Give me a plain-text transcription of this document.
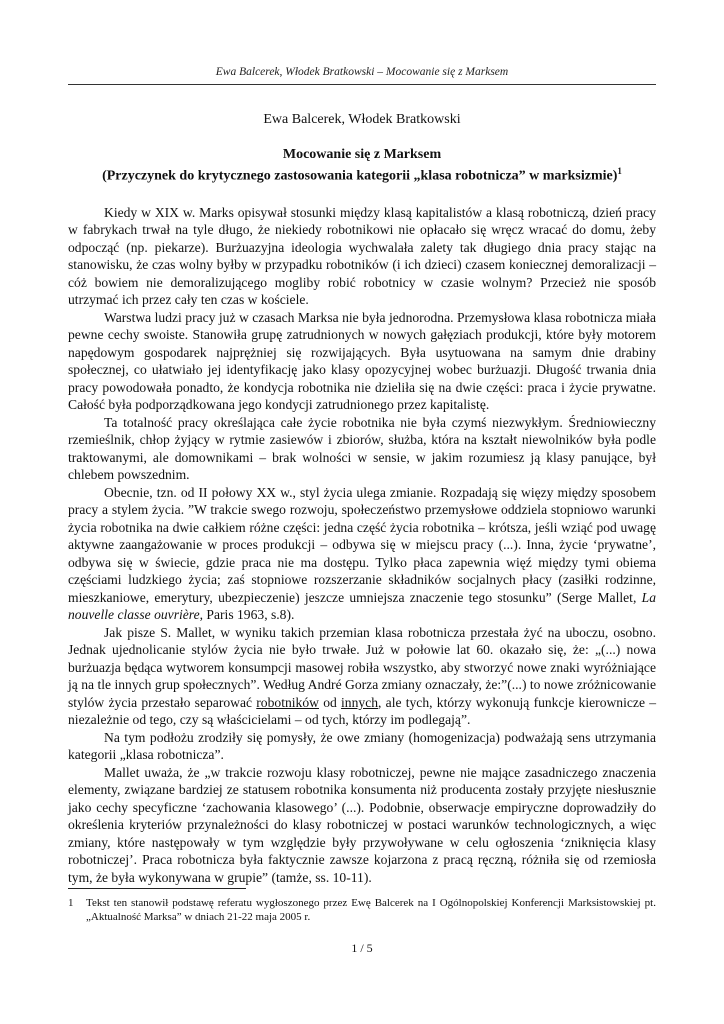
Ewa Balcerek, Włodek Bratkowski – Mocowanie się z Marksem
Ewa Balcerek, Włodek Bratkowski
Mocowanie się z Marksem
(Przyczynek do krytycznego zastosowania kategorii „klasa robotnicza” w marksizmie)$^1$

Kiedy w XIX w. Marks opisywał stosunki między klasą kapitalistów a klasą robotniczą, dzień pracy w fabrykach trwał na tyle długo, że niekiedy robotnikowi nie opłacało się wręcz wracać do domu, żeby odpocząć (np. piekarze). Burżuazyjna ideologia wychwalała zalety tak długiego dnia pracy stając na stanowisku, że czas wolny byłby w przypadku robotników (i ich dzieci) czasem koniecznej demoralizacji – cóż bowiem nie demoralizującego mogliby robić robotnicy w czasie wolnym? Przecież nie sposób utrzymać ich przez cały ten czas w kościele.

Warstwa ludzi pracy już w czasach Marksa nie była jednorodna. Przemysłowa klasa robotnicza miała pewne cechy swoiste. Stanowiła grupę zatrudnionych w nowych gałęziach produkcji, które były motorem napędowym gospodarek najprężniej się rozwijających. Była usytuowana na samym dnie drabiny społecznej, co ułatwiało jej identyfikację jako klasy opozycyjnej wobec burżuazji. Długość trwania dnia pracy powodowała ponadto, że kondycja robotnika nie dzieliła się na dwie części: praca i życie prywatne. Całość była podporządkowana jego kondycji zatrudnionego przez kapitalistę.

Ta totalność pracy określająca całe życie robotnika nie była czymś niezwykłym. Średniowieczny rzemieślnik, chłop żyjący w rytmie zasiewów i zbiorów, służba, która na kształt niewolników była podle traktowanymi, ale domownikami – brak wolności w sensie, w jakim rozumiesz ją klasy panujące, był chlebem powszednim.

Obecnie, tzn. od II połowy XX w., styl życia ulega zmianie. Rozpadają się więzy między sposobem pracy a stylem życia. ”W trakcie swego rozwoju, społeczeństwo przemysłowe oddziela stopniowo warunki życia robotnika na dwie całkiem różne części: jedna część życia robotnika – krótsza, jeśli wziąć pod uwagę aktywne zaangażowanie w proces produkcji – odbywa się w miejscu pracy (...). Inna, życie ‘prywatne’, odbywa się w świecie, gdzie praca nie ma dostępu. Tylko płaca zapewnia więź między tymi obiema częściami ludzkiego życia; zaś stopniowe rozszerzanie składników socjalnych płacy (zasiłki rodzinne, mieszkaniowe, emerytury, ubezpieczenie) jeszcze umniejsza znaczenie tego stosunku” (Serge Mallet, La nouvelle classe ouvrière, Paris 1963, s.8).

Jak pisze S. Mallet, w wyniku takich przemian klasa robotnicza przestała żyć na uboczu, osobno. Jednak ujednolicanie stylów życia nie było trwałe. Już w połowie lat 60. okazało się, że: „(...) nowa burżuazja będąca wytworem konsumpcji masowej robiła wszystko, aby stworzyć nowe znaki wyróżniające ją na tle innych grup społecznych”. Według André Gorza zmiany oznaczały, że:”(...) to nowe zróżnicowanie stylów życia przestało separować robotników od innych, ale tych, którzy wykonują funkcje kierownicze – niezależnie od tego, czy są właścicielami – od tych, którzy im podlegają”.

Na tym podłożu zrodziły się pomysły, że owe zmiany (homogenizacja) podważają sens utrzymania kategorii „klasa robotnicza”.

Mallet uważa, że „w trakcie rozwoju klasy robotniczej, pewne nie mające zasadniczego znaczenia elementy, związane bardziej ze statusem robotnika konsumenta niż producenta zostały przyjęte niesłusznie jako cechy specyficzne ‘zachowania klasowego’ (...). Podobnie, obserwacje empiryczne doprowadziły do określenia kryteriów przynależności do klasy robotniczej w postaci warunków technologicznych, a więc zmiany, które następowały w tym względzie były przywoływane w celu ogłoszenia ‘zniknięcia klasy robotniczej’. Praca robotnicza była faktycznie zawsze kojarzona z pracą ręczną, różniła się od rzemiosła tym, że była wykonywana w grupie” (tamże, ss. 10-11).

1 Tekst ten stanowił podstawę referatu wygłoszonego przez Ewę Balcerek na I Ogólnopolskiej Konferencji Marksistowskiej pt. „Aktualność Marksa” w dniach 21-22 maja 2005 r.
1 / 5
